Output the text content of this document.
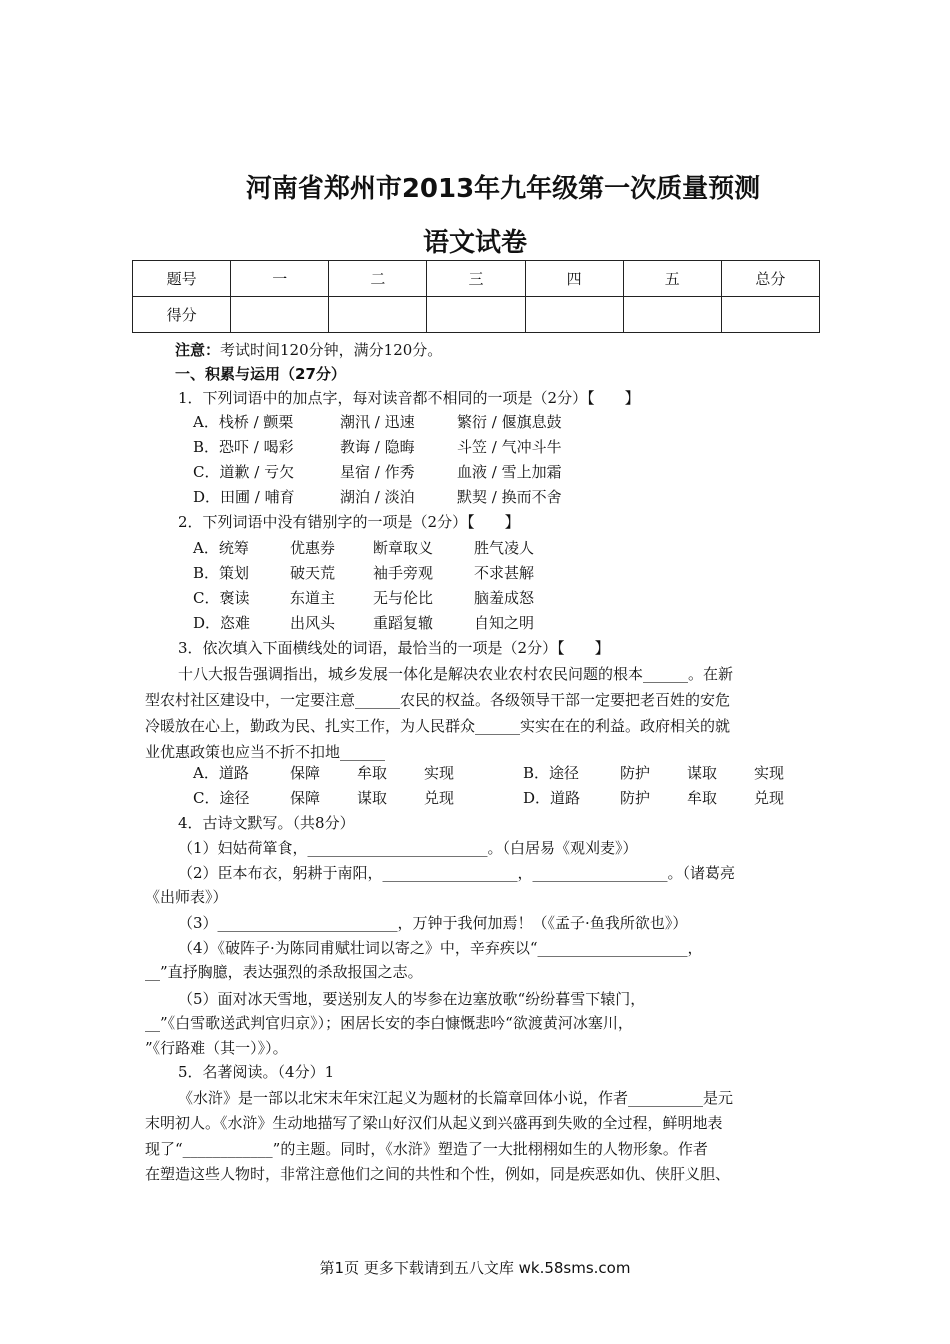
河南省郑州市2013年九年级第一次质量预测
语文试卷
题号	一	二	三	四	五	总分
得分						
注意：考试时间120分钟，满分120分。
一、积累与运用（27分）
1．下列词语中的加点字，每对读音都不相同的一项是（2分）【　　】
A．栈桥 / 颤栗	潮汛 / 迅速	繁衍 / 偃旗息鼓
B．恐吓 / 喝彩	教诲 / 隐晦	斗笠 / 气冲斗牛
C．道歉 / 亏欠	星宿 / 作秀	血液 / 雪上加霜
D．田圃 / 哺育	湖泊 / 淡泊	默契 / 换而不舍
2．下列词语中没有错别字的一项是（2分）【　　】
A．统筹	优惠券	断章取义	胜气凌人
B．策划	破天荒	袖手旁观	不求甚解
C．褒读	东道主	无与伦比	脑羞成怒
D．恣难	出风头	重蹈复辙	自知之明
3．依次填入下面横线处的词语，最恰当的一项是（2分）【　　】
十八大报告强调指出，城乡发展一体化是解决农业农村农民问题的根本______。在新
型农村社区建设中，一定要注意______农民的权益。各级领导干部一定要把老百姓的安危
冷暖放在心上，勤政为民、扎实工作，为人民群众______实实在在的利益。政府相关的就
业优惠政策也应当不折不扣地______
A．道路	保障 牟取 实现	B．途径	防护 谋取 实现
C．途径	保障 谋取 兑现	D．道路	防护 牟取 兑现
4．古诗文默写。（共8分）
（1）妇姑荷箪食，________________________。（白居易《观刈麦》）
（2）臣本布衣，躬耕于南阳，__________________，__________________。（诸葛亮
《出师表》）
（3）________________________，万钟于我何加焉！（《孟子·鱼我所欲也》）
（4）《破阵子·为陈同甫赋壮词以寄之》中，辛弃疾以“____________________，
__”直抒胸臆，表达强烈的杀敌报国之志。
（5）面对冰天雪地，要送别友人的岑参在边塞放歌“纷纷暮雪下辕门，
__”《白雪歌送武判官归京》）；困居长安的李白慷慨悲吟“欲渡黄河冰塞川，
”《行路难（其一）》）。
5．名著阅读。（4分）1
《水浒》是一部以北宋末年宋江起义为题材的长篇章回体小说，作者__________是元
末明初人。《水浒》生动地描写了梁山好汉们从起义到兴盛再到失败的全过程，鲜明地表
现了“____________”的主题。同时，《水浒》塑造了一大批栩栩如生的人物形象。作者
在塑造这些人物时，非常注意他们之间的共性和个性，例如，同是疾恶如仇、侠肝义胆、
第1页 更多下载请到五八文库 wk.58sms.com
